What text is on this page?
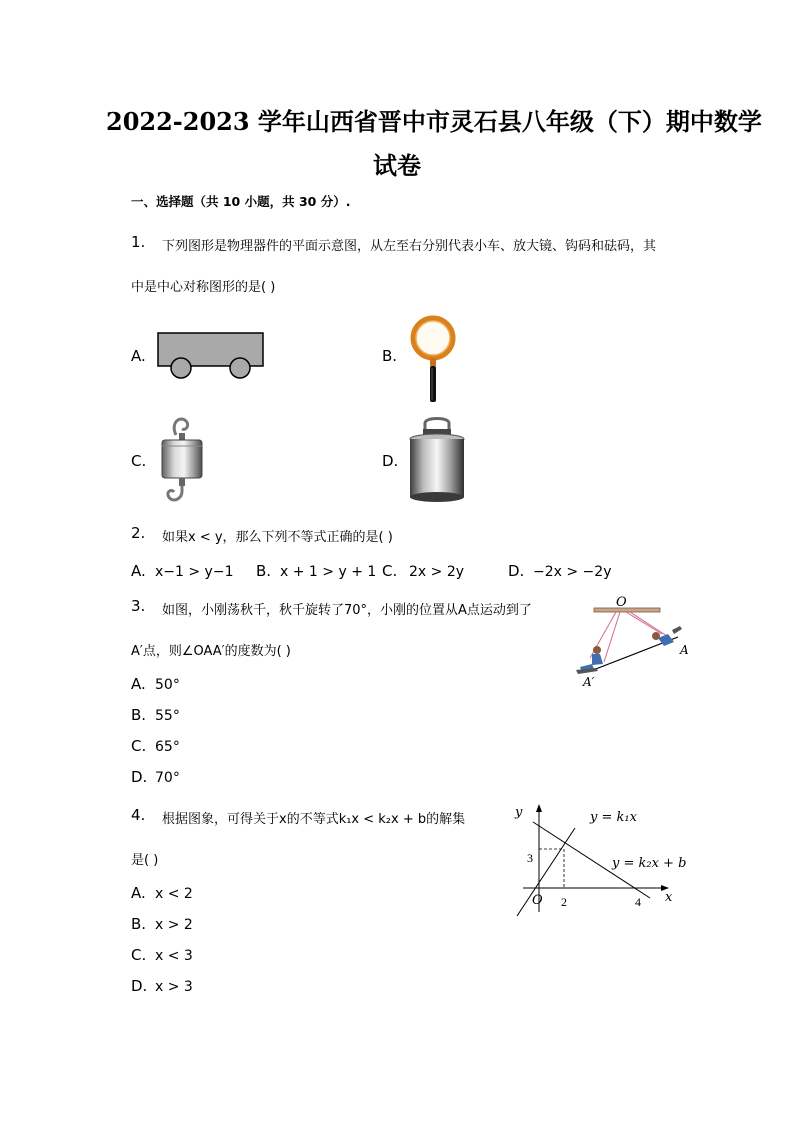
2022-2023 学年山西省晋中市灵石县八年级（下）期中数学
试卷
一、选择题（共 10 小题，共 30 分）.
1. 下列图形是物理器件的平面示意图，从左至右分别代表小车、放大镜、钩码和砝码，其
中是中心对称图形的是( )
A.	B.
C.	D.
2. 如果x < y，那么下列不等式正确的是( )
A. x−1 > y−1 B. x + 1 > y + 1 C. 2x > 2y	D. −2x > −2y
3. 如图，小刚荡秋千，秋千旋转了70°，小刚的位置从A点运动到了
A′点，则∠OAA′的度数为( )
O
A
A′
A. 50°
B. 55°
C. 65°
D. 70°
4. 根据图象，可得关于x的不等式k₁x < k₂x + b的解集
是( )
y
x
O
3
2	4
y = k₁x
y = k₂x + b
A. x < 2
B. x > 2
C. x < 3
D. x > 3
